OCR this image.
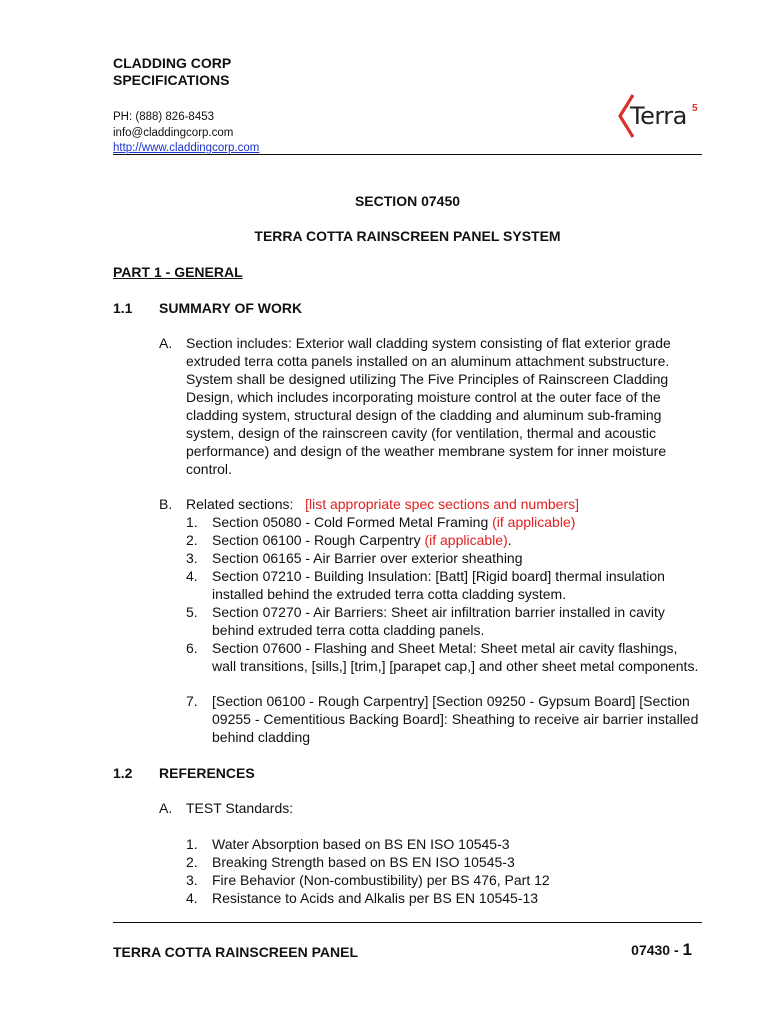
CLADDING CORP
SPECIFICATIONS
PH: (888) 826-8453
info@claddingcorp.com
http://www.claddingcorp.com
Terra 5
SECTION 07450
TERRA COTTA RAINSCREEN PANEL SYSTEM
PART 1 - GENERAL
1.1 SUMMARY OF WORK
A. Section includes: Exterior wall cladding system consisting of flat exterior grade extruded terra cotta panels installed on an aluminum attachment substructure. System shall be designed utilizing The Five Principles of Rainscreen Cladding Design, which includes incorporating moisture control at the outer face of the cladding system, structural design of the cladding and aluminum sub-framing system, design of the rainscreen cavity (for ventilation, thermal and acoustic performance) and design of the weather membrane system for inner moisture control.
B. Related sections: [list appropriate spec sections and numbers]
1. Section 05080 - Cold Formed Metal Framing (if applicable)
2. Section 06100 - Rough Carpentry (if applicable).
3. Section 06165 - Air Barrier over exterior sheathing
4. Section 07210 - Building Insulation: [Batt] [Rigid board] thermal insulation installed behind the extruded terra cotta cladding system.
5. Section 07270 - Air Barriers: Sheet air infiltration barrier installed in cavity behind extruded terra cotta cladding panels.
6. Section 07600 - Flashing and Sheet Metal: Sheet metal air cavity flashings, wall transitions, [sills,] [trim,] [parapet cap,] and other sheet metal components.
7. [Section 06100 - Rough Carpentry] [Section 09250 - Gypsum Board] [Section 09255 - Cementitious Backing Board]: Sheathing to receive air barrier installed behind cladding
1.2 REFERENCES
A. TEST Standards:
1. Water Absorption based on BS EN ISO 10545-3
2. Breaking Strength based on BS EN ISO 10545-3
3. Fire Behavior (Non-combustibility) per BS 476, Part 12
4. Resistance to Acids and Alkalis per BS EN 10545-13
TERRA COTTA RAINSCREEN PANEL	07430 - 1
